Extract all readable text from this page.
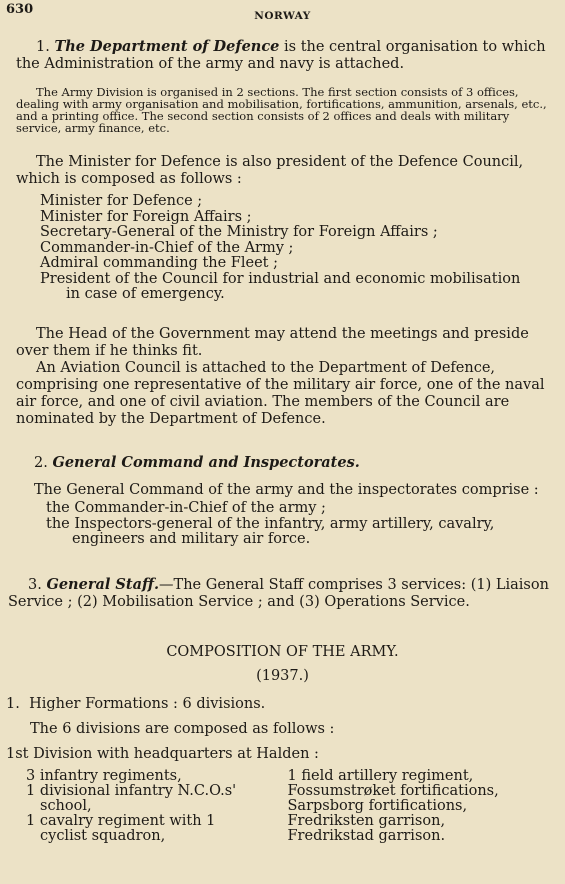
630	NORWAY

1. The Department of Defence is the central organisation to which the Administration of the army and navy is attached.

The Army Division is organised in 2 sections. The first section consists of 3 offices, dealing with army organisation and mobilisation, fortifications, ammunition, arsenals, etc., and a printing office. The second section consists of 2 offices and deals with military service, army finance, etc.

The Minister for Defence is also president of the Defence Council, which is composed as follows :

Minister for Defence ;

Minister for Foreign Affairs ;

Secretary-General of the Ministry for Foreign Affairs ;

Commander-in-Chief of the Army ;

Admiral commanding the Fleet ;

President of the Council for industrial and economic mobilisation

in case of emergency.

The Head of the Government may attend the meetings and preside over them if he thinks fit.

An Aviation Council is attached to the Department of Defence, comprising one representative of the military air force, one of the naval air force, and one of civil aviation. The members of the Council are nominated by the Department of Defence.

2. General Command and Inspectorates.

The General Command of the army and the inspectorates comprise :

the Commander-in-Chief of the army ;

the Inspectors-general of the infantry, army artillery, cavalry,

engineers and military air force.

3. General Staff.—The General Staff comprises 3 services: (1) Liaison Service ; (2) Mobilisation Service ; and (3) Operations Service.

COMPOSITION OF THE ARMY.

(1937.)

1. Higher Formations : 6 divisions.

The 6 divisions are composed as follows :

1st Division with headquarters at Halden :

3 infantry regiments,

1 divisional infantry N.C.O.s'

school,

1 cavalry regiment with 1

cyclist squadron,

1 field artillery regiment,

Fossumstrøket fortifications,

Sarpsborg fortifications,

Fredriksten garrison,

Fredrikstad garrison.
